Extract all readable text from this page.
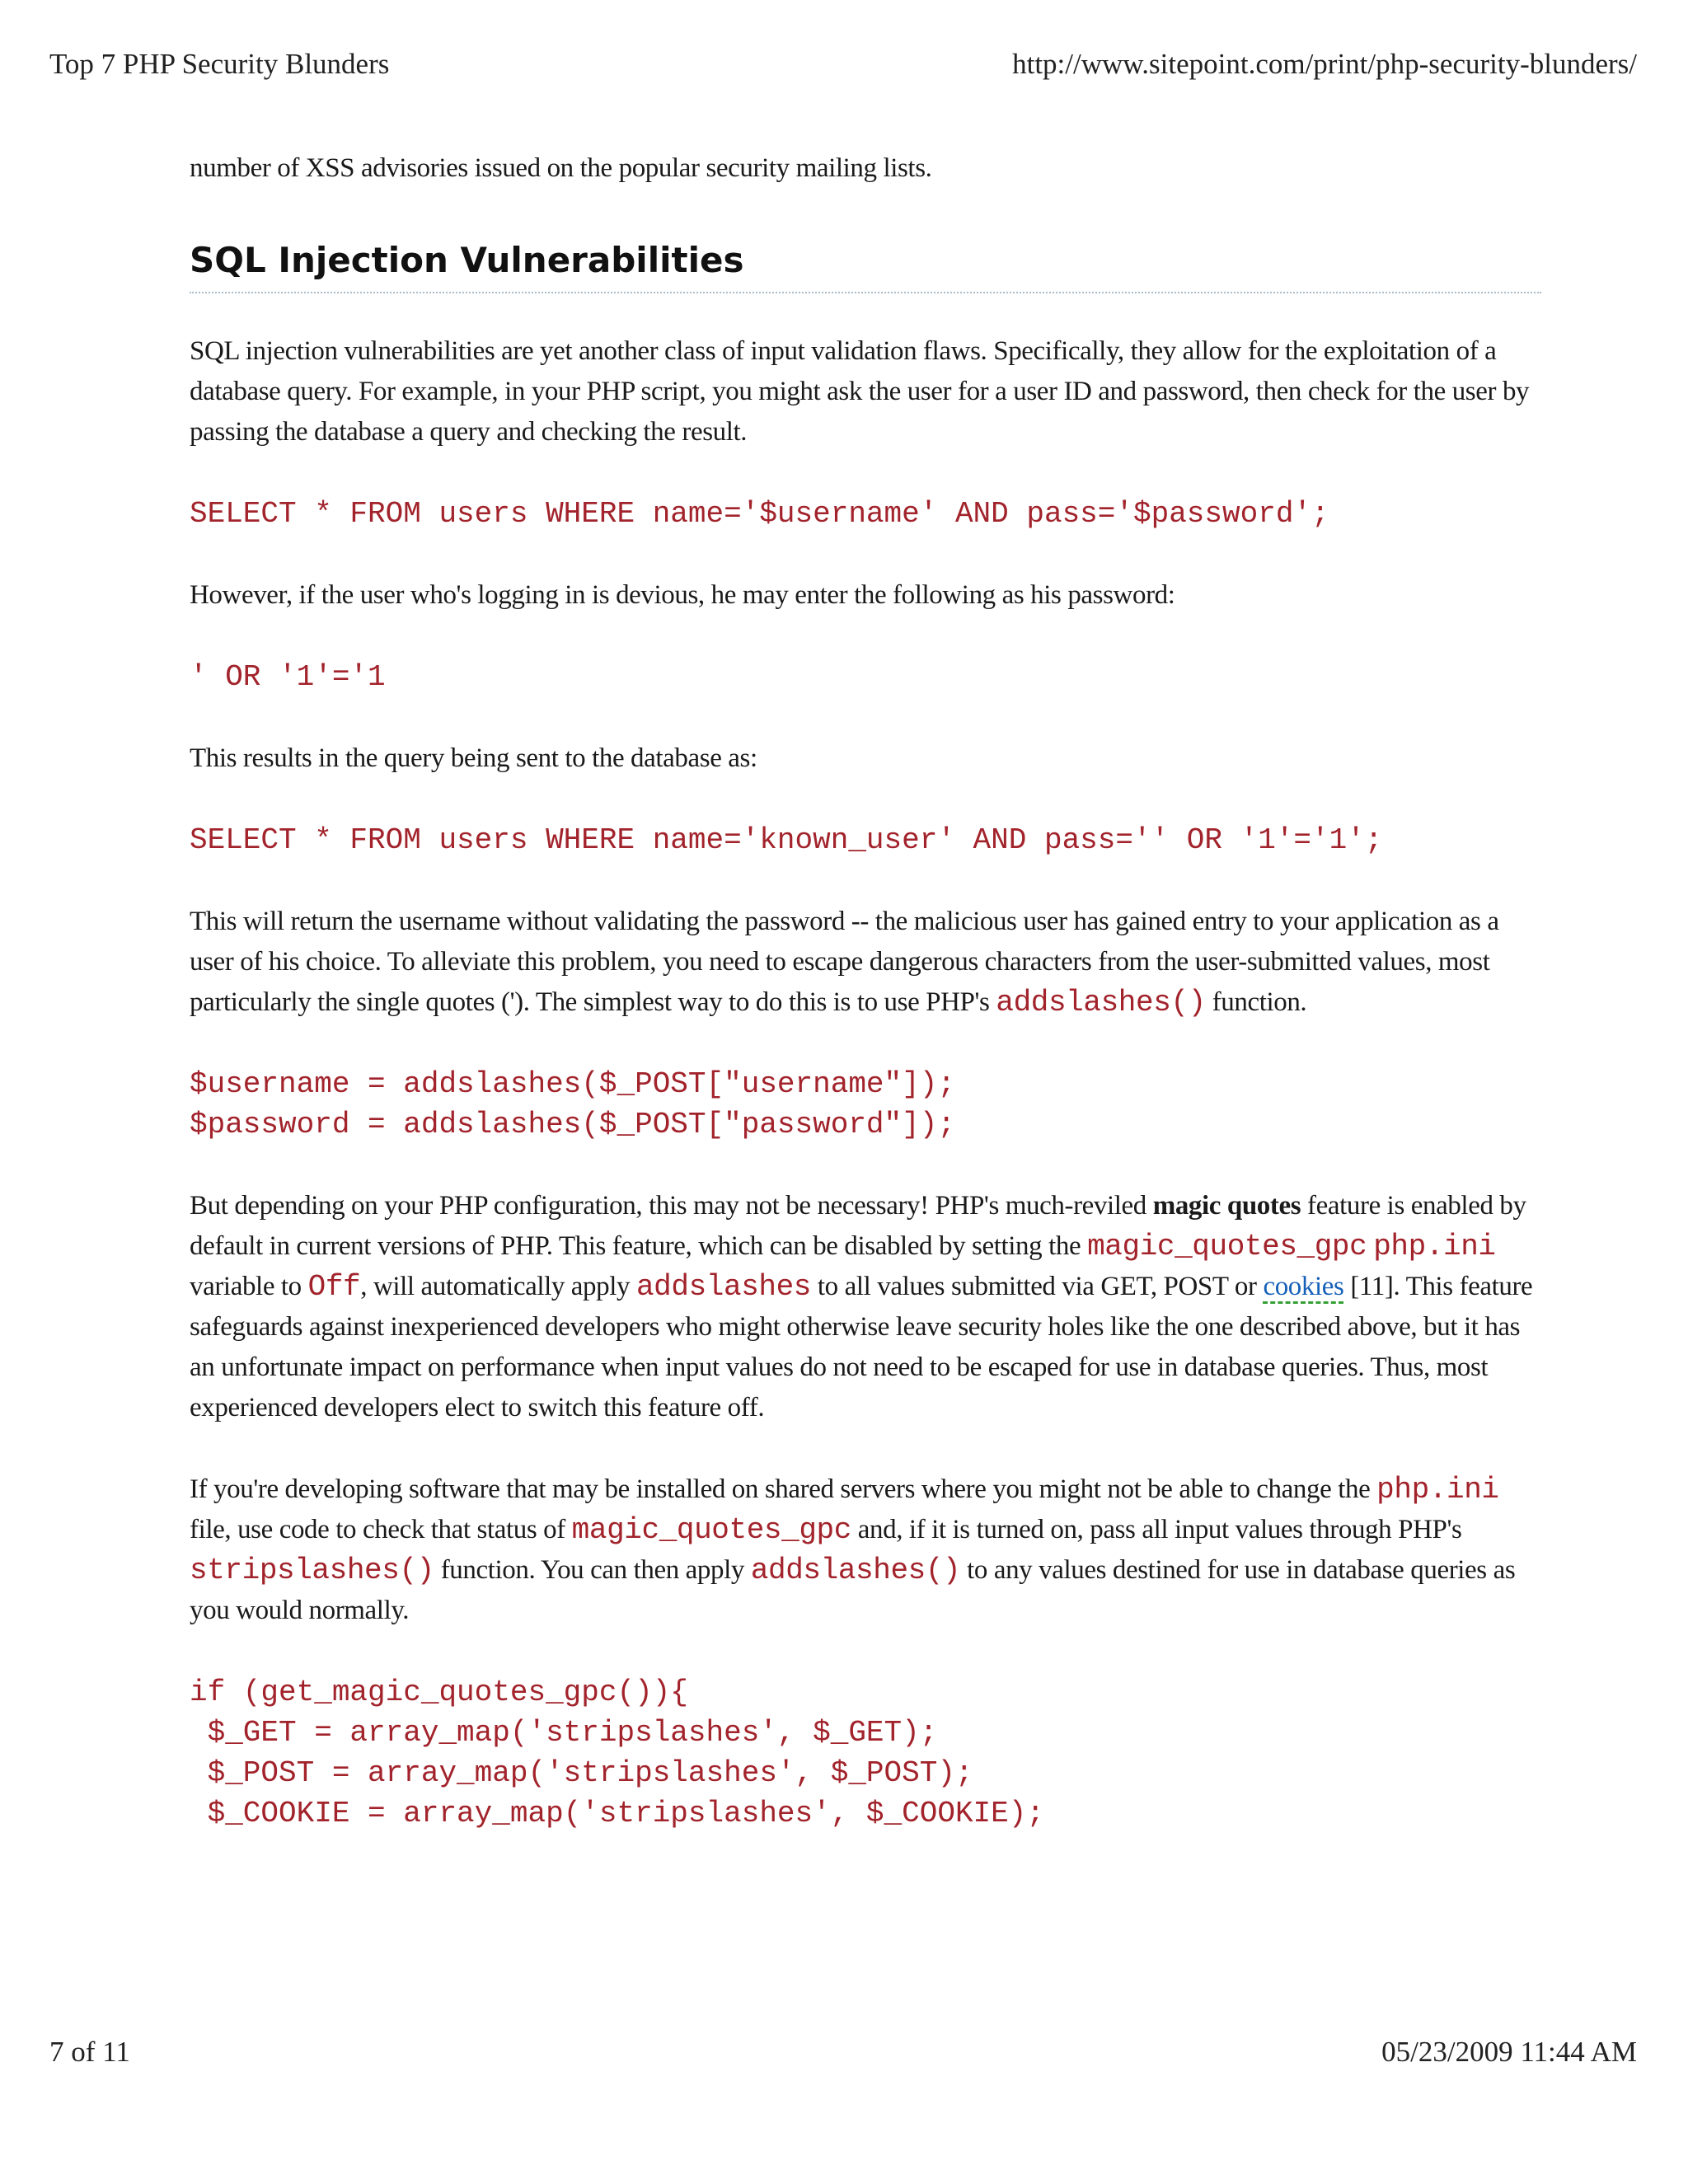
Top 7 PHP Security Blunders	http://www.sitepoint.com/print/php-security-blunders/

number of XSS advisories issued on the popular security mailing lists.

SQL Injection Vulnerabilities

SQL injection vulnerabilities are yet another class of input validation flaws. Specifically, they allow for the exploitation of a database query. For example, in your PHP script, you might ask the user for a user ID and password, then check for the user by passing the database a query and checking the result.

SELECT * FROM users WHERE name='$username' AND pass='$password';

However, if the user who's logging in is devious, he may enter the following as his password:

' OR '1'='1

This results in the query being sent to the database as:

SELECT * FROM users WHERE name='known_user' AND pass='' OR '1'='1';

This will return the username without validating the password -- the malicious user has gained entry to your application as a user of his choice. To alleviate this problem, you need to escape dangerous characters from the user-submitted values, most particularly the single quotes ('). The simplest way to do this is to use PHP's addslashes() function.

$username = addslashes($_POST["username"]);
$password = addslashes($_POST["password"]);

But depending on your PHP configuration, this may not be necessary! PHP's much-reviled magic quotes feature is enabled by default in current versions of PHP. This feature, which can be disabled by setting the magic_quotes_gpc php.ini variable to Off, will automatically apply addslashes to all values submitted via GET, POST or cookies [11]. This feature safeguards against inexperienced developers who might otherwise leave security holes like the one described above, but it has an unfortunate impact on performance when input values do not need to be escaped for use in database queries. Thus, most experienced developers elect to switch this feature off.

If you're developing software that may be installed on shared servers where you might not be able to change the php.ini file, use code to check that status of magic_quotes_gpc and, if it is turned on, pass all input values through PHP's stripslashes() function. You can then apply addslashes() to any values destined for use in database queries as you would normally.

if (get_magic_quotes_gpc()){
$_GET = array_map('stripslashes', $_GET);
$_POST = array_map('stripslashes', $_POST);
$_COOKIE = array_map('stripslashes', $_COOKIE);
7 of 11	05/23/2009 11:44 AM
